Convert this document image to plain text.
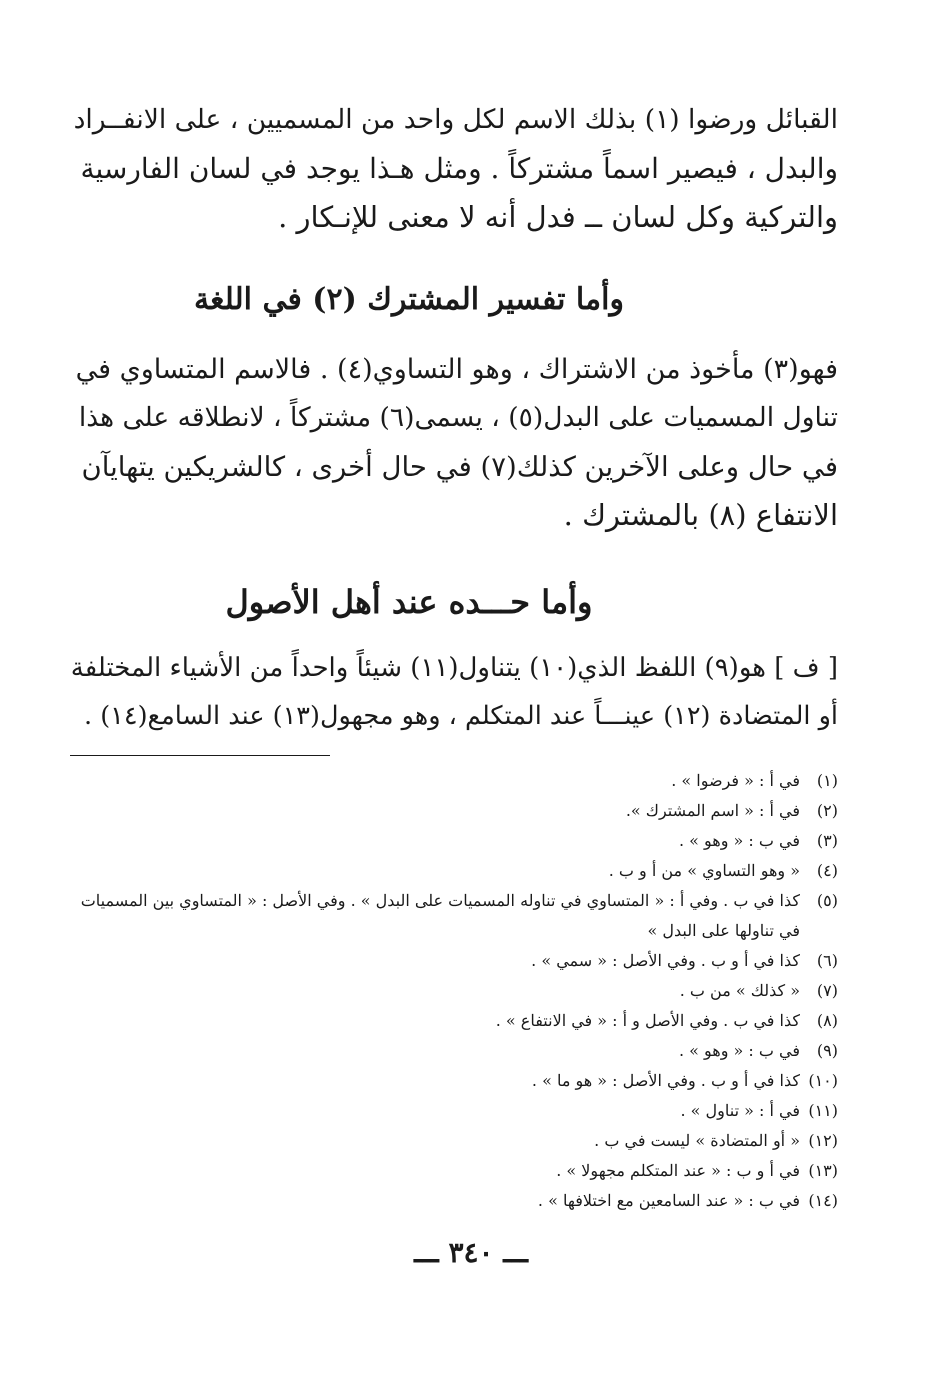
القبائل ورضوا (١) بذلك الاسم لكل واحد من المسميين ، على الانفــراد
والبدل ، فيصير اسماً مشتركاً . ومثل هـذا يوجد في لسان الفارسية
والتركية وكل لسان ــ فدل أنه لا معنى للإنـكار .
وأما تفسير المشترك (٢) في اللغة
فهو(٣) مأخوذ من الاشتراك ، وهو التساوي(٤) . فالاسم المتساوي في
تناول المسميات على البدل(٥) ، يسمى(٦) مشتركاً ، لانطلاقه على هذا
في حال وعلى الآخرين كذلك(٧) في حال أخرى ، كالشريكين يتهايآن
الانتفاع (٨) بالمشترك .
وأما حـــده عند أهل الأصول
[ ف ] هو(٩) اللفظ الذي(١٠) يتناول(١١) شيئاً واحداً من الأشياء المختلفة
أو المتضادة (١٢) عينـــاً عند المتكلم ، وهو مجهول(١٣) عند السامع(١٤) .
(١)
في أ : « فرضوا » .
(٢)
في أ : « اسم المشترك ».
(٣)
في ب : « وهو » .
(٤)
« وهو التساوي » من أ و ب .
(٥)
كذا في ب . وفي أ : « المتساوي في تناوله المسميات على البدل » . وفي الأصل : « المتساوي بين المسميات
في تناولها على البدل »
(٦)
كذا في أ و ب . وفي الأصل : « سمي » .
(٧)
« كذلك » من ب .
(٨)
كذا في ب . وفي الأصل و أ : « في الانتفاع » .
(٩)
في ب : « وهو » .
(١٠)
كذا في أ و ب . وفي الأصل : « هو ما » .
(١١)
في أ : « تناول » .
(١٢)
« أو المتضادة » ليست في ب .
(١٣)
في أ و ب : « عند المتكلم مجهولا » .
(١٤)
في ب : « عند السامعين مع اختلافها » .
ـــ ٣٤٠ ـــ
